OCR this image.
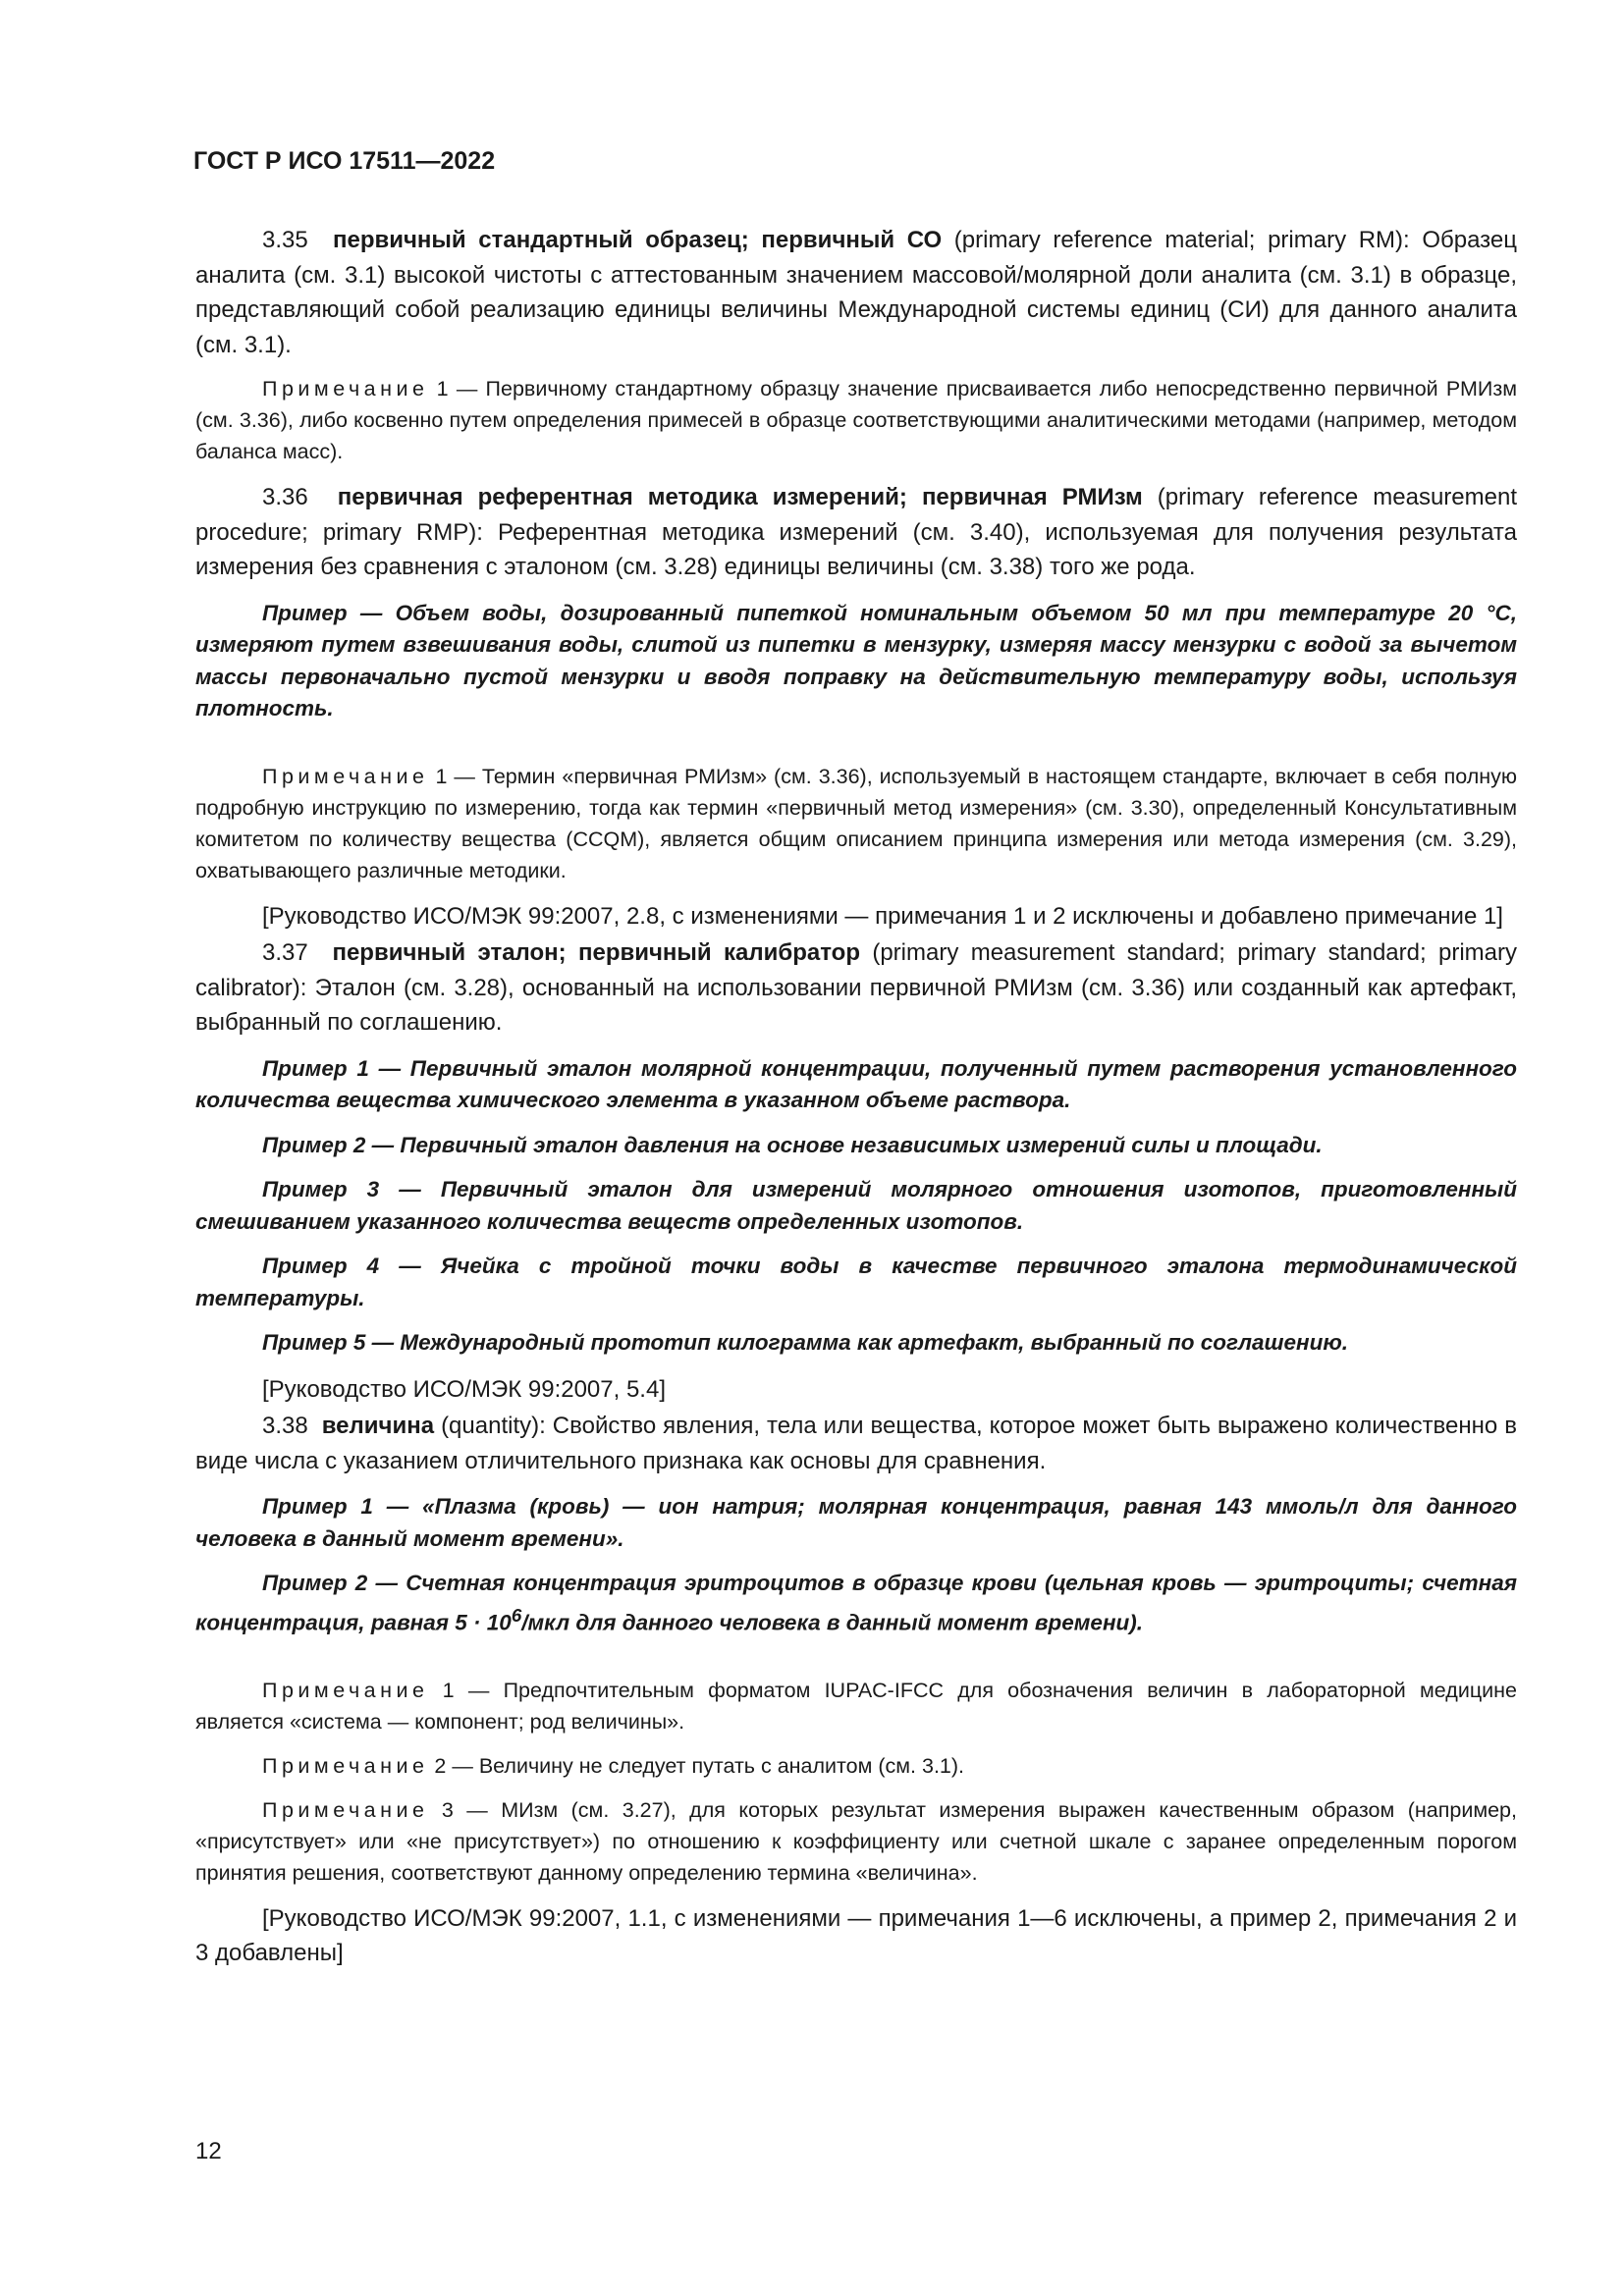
ГОСТ Р ИСО 17511—2022

3.35 первичный стандартный образец; первичный СО (primary reference material; primary RM): Образец аналита (см. 3.1) высокой чистоты с аттестованным значением массовой/молярной доли аналита (см. 3.1) в образце, представляющий собой реализацию единицы величины Международной системы единиц (СИ) для данного аналита (см. 3.1).

Примечание 1 — Первичному стандартному образцу значение присваивается либо непосредственно первичной РМИзм (см. 3.36), либо косвенно путем определения примесей в образце соответствующими аналитическими методами (например, методом баланса масс).

3.36 первичная референтная методика измерений; первичная РМИзм (primary reference measurement procedure; primary RMP): Референтная методика измерений (см. 3.40), используемая для получения результата измерения без сравнения с эталоном (см. 3.28) единицы величины (см. 3.38) того же рода.

Пример — Объем воды, дозированный пипеткой номинальным объемом 50 мл при температуре 20 °С, измеряют путем взвешивания воды, слитой из пипетки в мензурку, измеряя массу мензурки с водой за вычетом массы первоначально пустой мензурки и вводя поправку на действительную температуру воды, используя плотность.

Примечание 1 — Термин «первичная РМИзм» (см. 3.36), используемый в настоящем стандарте, включает в себя полную подробную инструкцию по измерению, тогда как термин «первичный метод измерения» (см. 3.30), определенный Консультативным комитетом по количеству вещества (CCQM), является общим описанием принципа измерения или метода измерения (см. 3.29), охватывающего различные методики.

[Руководство ИСО/МЭК 99:2007, 2.8, с изменениями — примечания 1 и 2 исключены и добавлено примечание 1]

3.37 первичный эталон; первичный калибратор (primary measurement standard; primary standard; primary calibrator): Эталон (см. 3.28), основанный на использовании первичной РМИзм (см. 3.36) или созданный как артефакт, выбранный по соглашению.

Пример 1 — Первичный эталон молярной концентрации, полученный путем растворения установленного количества вещества химического элемента в указанном объеме раствора.

Пример 2 — Первичный эталон давления на основе независимых измерений силы и площади.

Пример 3 — Первичный эталон для измерений молярного отношения изотопов, приготовленный смешиванием указанного количества веществ определенных изотопов.

Пример 4 — Ячейка с тройной точки воды в качестве первичного эталона термодинамической температуры.

Пример 5 — Международный прототип килограмма как артефакт, выбранный по соглашению.

[Руководство ИСО/МЭК 99:2007, 5.4]

3.38 величина (quantity): Свойство явления, тела или вещества, которое может быть выражено количественно в виде числа с указанием отличительного признака как основы для сравнения.

Пример 1 — «Плазма (кровь) — ион натрия; молярная концентрация, равная 143 ммоль/л для данного человека в данный момент времени».

Пример 2 — Счетная концентрация эритроцитов в образце крови (цельная кровь — эритроциты; счетная концентрация, равная $5 \cdot 10^6$/мкл для данного человека в данный момент времени).

Примечание 1 — Предпочтительным форматом IUPAC-IFCC для обозначения величин в лабораторной медицине является «система — компонент; род величины».

Примечание 2 — Величину не следует путать с аналитом (см. 3.1).

Примечание 3 — МИзм (см. 3.27), для которых результат измерения выражен качественным образом (например, «присутствует» или «не присутствует») по отношению к коэффициенту или счетной шкале с заранее определенным порогом принятия решения, соответствуют данному определению термина «величина».

[Руководство ИСО/МЭК 99:2007, 1.1, с изменениями — примечания 1—6 исключены, а пример 2, примечания 2 и 3 добавлены]

12
